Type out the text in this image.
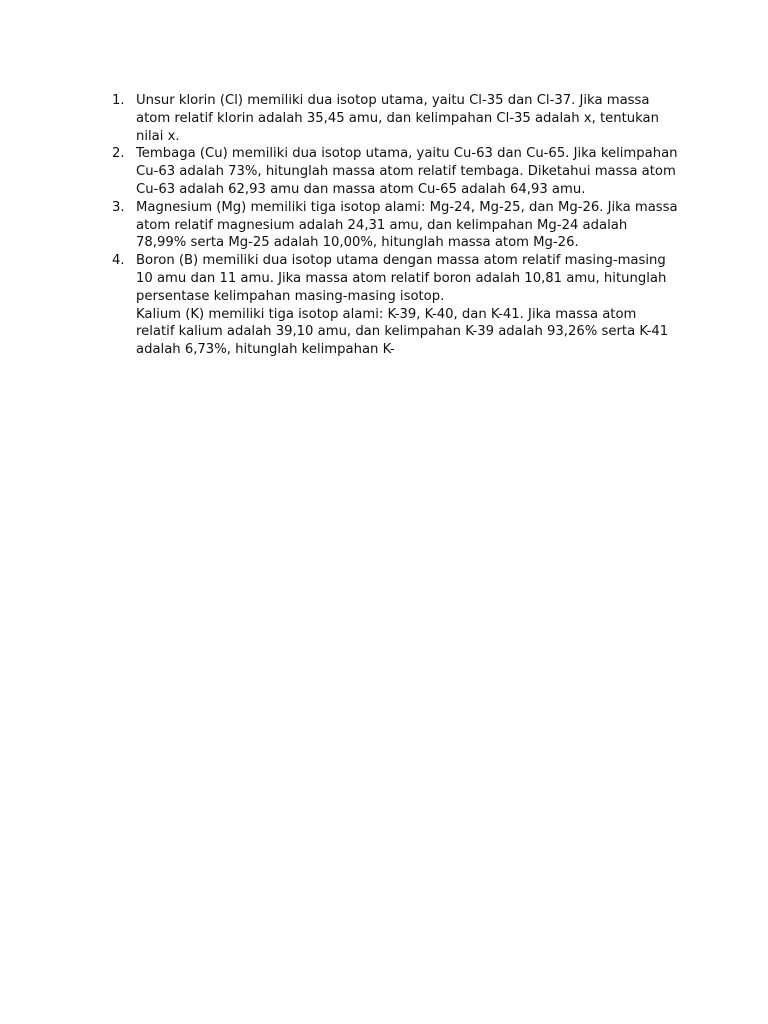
1. Unsur klorin (Cl) memiliki dua isotop utama, yaitu Cl-35 dan Cl-37. Jika massa atom relatif klorin adalah 35,45 amu, dan kelimpahan Cl-35 adalah x, tentukan nilai x.
2. Tembaga (Cu) memiliki dua isotop utama, yaitu Cu-63 dan Cu-65. Jika kelimpahan Cu-63 adalah 73%, hitunglah massa atom relatif tembaga. Diketahui massa atom Cu-63 adalah 62,93 amu dan massa atom Cu-65 adalah 64,93 amu.
3. Magnesium (Mg) memiliki tiga isotop alami: Mg-24, Mg-25, dan Mg-26. Jika massa atom relatif magnesium adalah 24,31 amu, dan kelimpahan Mg-24 adalah 78,99% serta Mg-25 adalah 10,00%, hitunglah massa atom Mg-26.
4. Boron (B) memiliki dua isotop utama dengan massa atom relatif masing-masing 10 amu dan 11 amu. Jika massa atom relatif boron adalah 10,81 amu, hitunglah persentase kelimpahan masing-masing isotop.
Kalium (K) memiliki tiga isotop alami: K-39, K-40, dan K-41. Jika massa atom relatif kalium adalah 39,10 amu, dan kelimpahan K-39 adalah 93,26% serta K-41 adalah 6,73%, hitunglah kelimpahan K-
